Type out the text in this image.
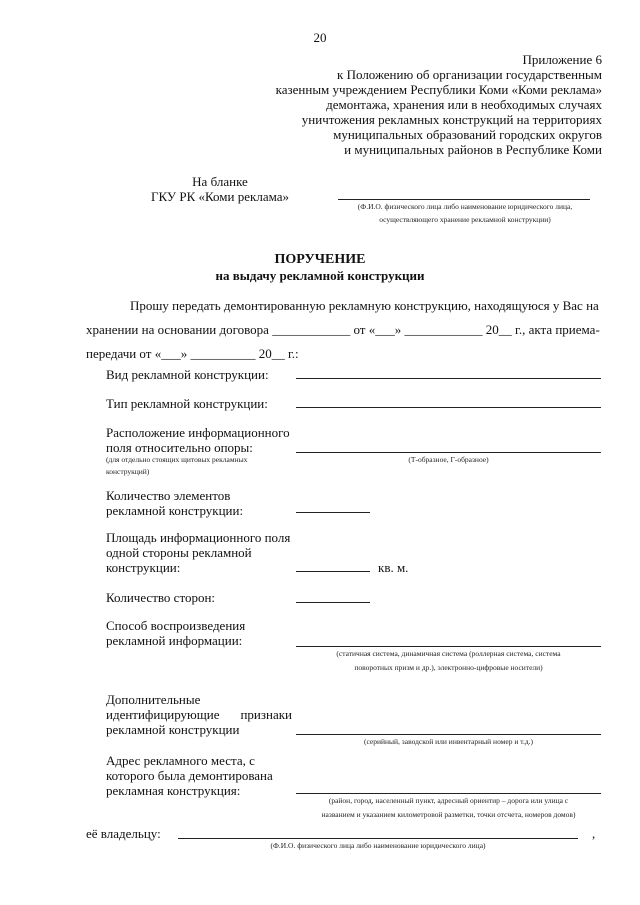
20
Приложение 6
к Положению об организации государственным
казенным учреждением Республики Коми «Коми реклама»
демонтажа, хранения или в необходимых случаях
уничтожения рекламных конструкций на территориях
муниципальных образований городских округов
и муниципальных районов в Республике Коми
На бланке
ГКУ РК «Коми реклама»
(Ф.И.О. физического лица либо наименование юридического лица,
осуществляющего хранение рекламной конструкции)
ПОРУЧЕНИЕ
на выдачу рекламной конструкции
Прошу передать демонтированную рекламную конструкцию, находящуюся у Вас на
хранении на основании договора ____________ от «___» ____________ 20__ г., акта приема-
передачи от «___» __________ 20__ г.:
Вид рекламной конструкции:
Тип рекламной конструкции:
Расположение информационного
поля относительно опоры:
(для отдельно стоящих щитовых рекламных
конструкций)
(Т-образное, Г-образное)
Количество элементов
рекламной конструкции:
Площадь информационного поля
одной стороны рекламной
конструкции:	кв. м.
Количество сторон:
Способ воспроизведения
рекламной информации:
(статичная система, динамичная система (роллерная система, система
поворотных призм и др.), электронно-цифровые носители)
Дополнительные
идентифицирующие признаки
рекламной конструкции
(серийный, заводской или инвентарный номер и т.д.)
Адрес рекламного места, с
которого была демонтирована
рекламная конструкция:
(район, город, населенный пункт, адресный ориентир – дорога или улица с
названием и указанием километровой разметки, точки отсчета, номеров домов)
её владельцу:	,
(Ф.И.О. физического лица либо наименование юридического лица)
